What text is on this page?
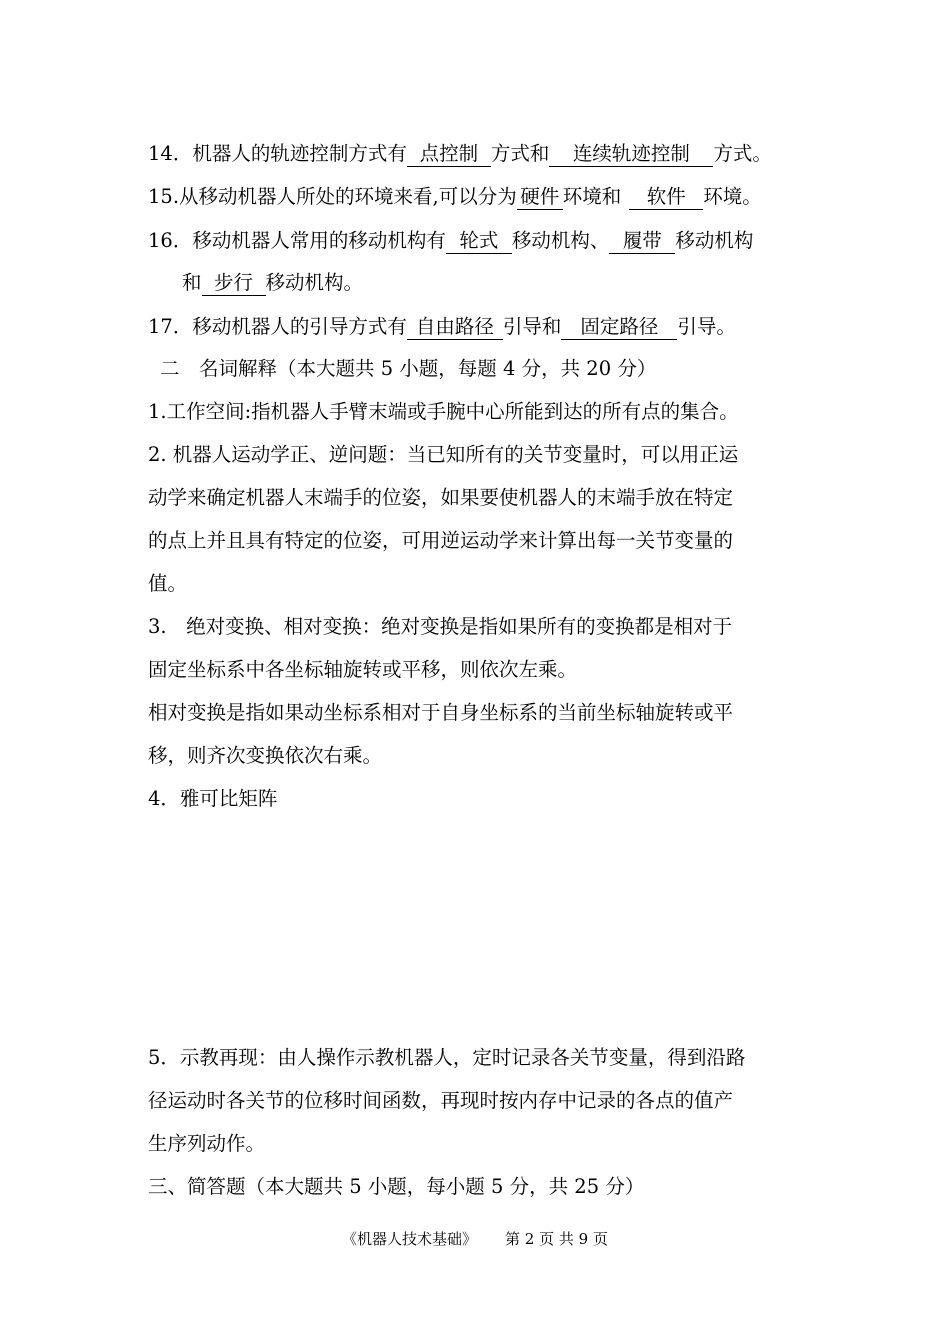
14．机器人的轨迹控制方式有 点控制 方式和 连续轨迹控制 方式。
15.从移动机器人所处的环境来看,可以分为 硬件 环境和 软件 环境。
16．移动机器人常用的移动机构有 轮式 移动机构、 履带 移动机构
和 步行 移动机构。
17．移动机器人的引导方式有 自由路径 引导和 固定路径 引导。
二　名词解释（本大题共 5 小题，每题 4 分，共 20 分）
1.工作空间:指机器人手臂末端或手腕中心所能到达的所有点的集合。
2. 机器人运动学正、逆问题：当已知所有的关节变量时，可以用正运
动学来确定机器人末端手的位姿，如果要使机器人的末端手放在特定
的点上并且具有特定的位姿，可用逆运动学来计算出每一关节变量的
值。
3.　绝对变换、相对变换：绝对变换是指如果所有的变换都是相对于
固定坐标系中各坐标轴旋转或平移，则依次左乘。
相对变换是指如果动坐标系相对于自身坐标系的当前坐标轴旋转或平
移，则齐次变换依次右乘。
4．雅可比矩阵
5．示教再现：由人操作示教机器人，定时记录各关节变量，得到沿路
径运动时各关节的位移时间函数，再现时按内存中记录的各点的值产
生序列动作。
三、简答题（本大题共 5 小题，每小题 5 分，共 25 分）
《机器人技术基础》 第 2 页 共 9 页
